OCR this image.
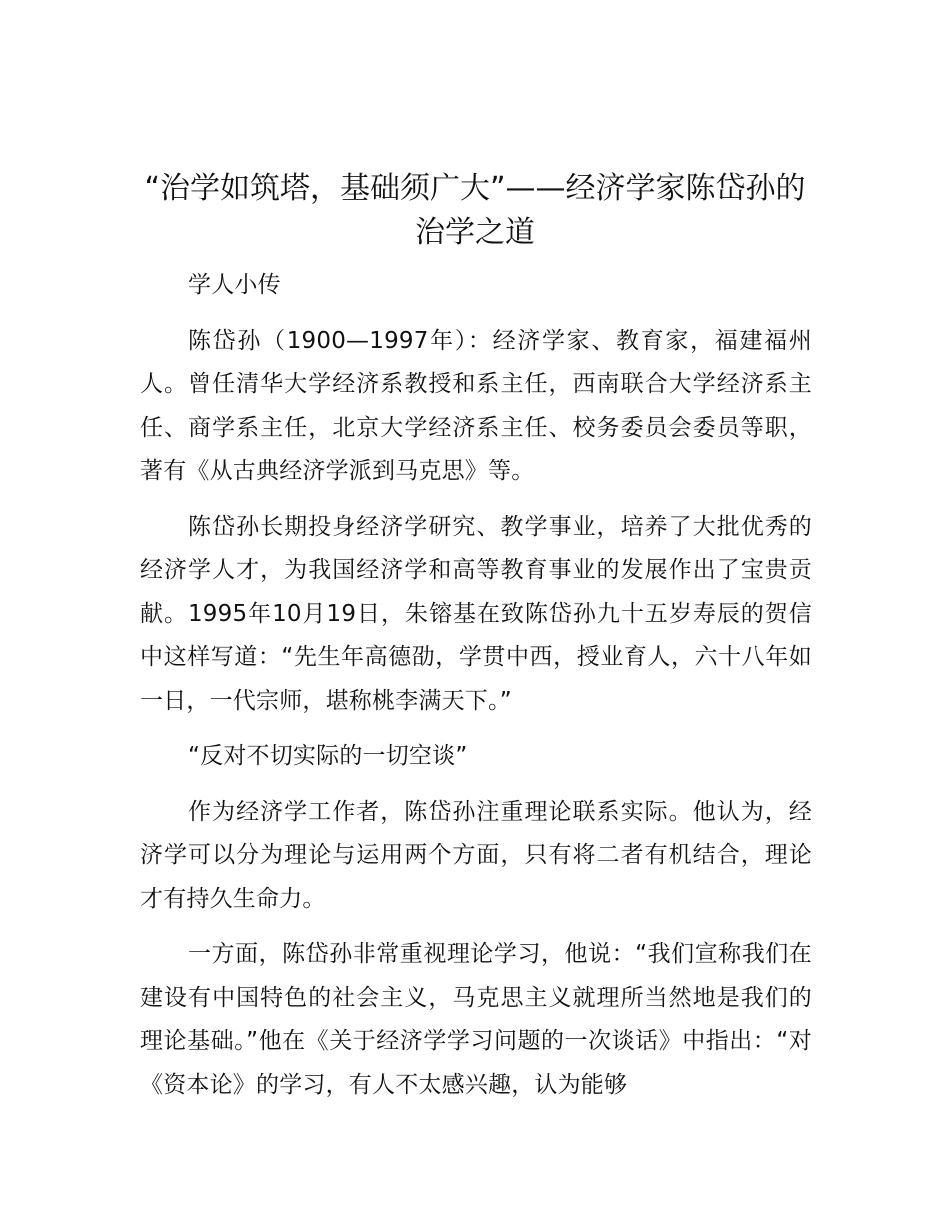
“治学如筑塔，基础须广大”——经济学家陈岱孙的治学之道

学人小传

陈岱孙（1900—1997年）：经济学家、教育家，福建福州人。曾任清华大学经济系教授和系主任，西南联合大学经济系主任、商学系主任，北京大学经济系主任、校务委员会委员等职，著有《从古典经济学派到马克思》等。

陈岱孙长期投身经济学研究、教学事业，培养了大批优秀的经济学人才，为我国经济学和高等教育事业的发展作出了宝贵贡献。1995年10月19日，朱镕基在致陈岱孙九十五岁寿辰的贺信中这样写道：“先生年高德劭，学贯中西，授业育人，六十八年如一日，一代宗师，堪称桃李满天下。”

“反对不切实际的一切空谈”

作为经济学工作者，陈岱孙注重理论联系实际。他认为，经济学可以分为理论与运用两个方面，只有将二者有机结合，理论才有持久生命力。

一方面，陈岱孙非常重视理论学习，他说：“我们宣称我们在建设有中国特色的社会主义，马克思主义就理所当然地是我们的理论基础。”他在《关于经济学学习问题的一次谈话》中指出：“对《资本论》的学习，有人不太感兴趣，认为能够
